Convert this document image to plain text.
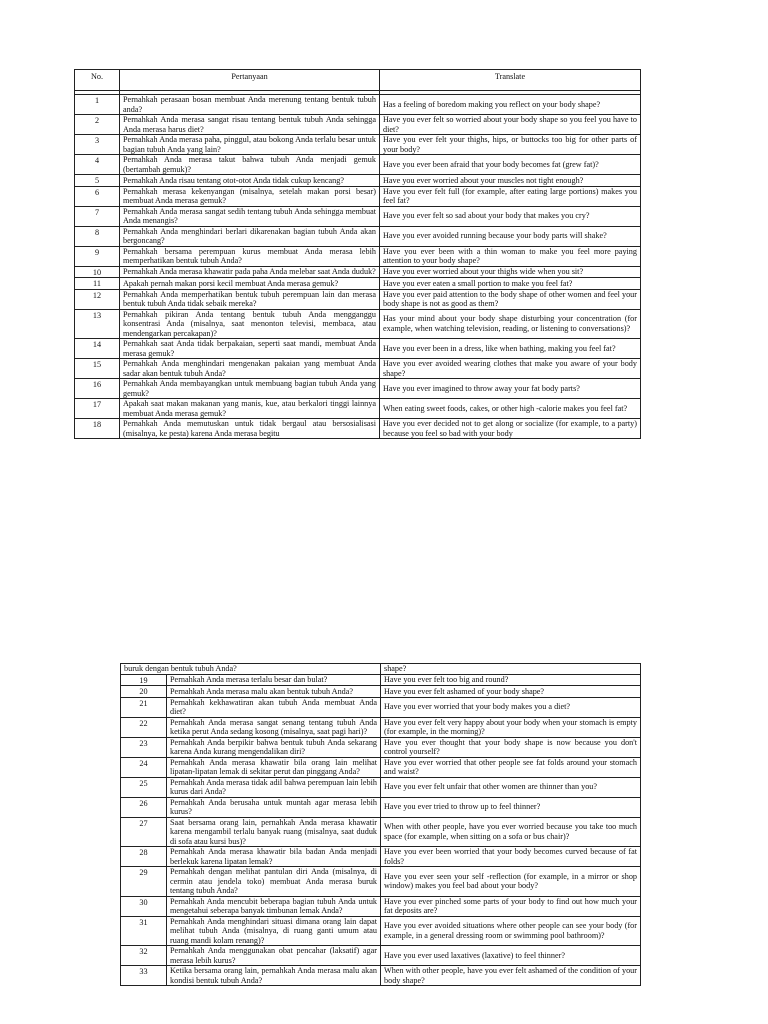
No.	Pertanyaan	Translate

1	Pernahkah perasaan bosan membuat Anda merenung tentang bentuk tubuh anda?	Has a feeling of boredom making you reflect on your body shape?
2	Pernahkah Anda merasa sangat risau tentang bentuk tubuh Anda sehingga Anda merasa harus diet?	Have you ever felt so worried about your body shape so you feel you have to diet?
3	Pernahkah Anda merasa paha, pinggul, atau bokong Anda terlalu besar untuk bagian tubuh Anda yang lain?	Have you ever felt your thighs, hips, or buttocks too big for other parts of your body?
4	Pernahkah Anda merasa takut bahwa tubuh Anda menjadi gemuk (bertambah gemuk)?	Have you ever been afraid that your body becomes fat (grew fat)?
5	Pernahkah Anda risau tentang otot-otot Anda tidak cukup kencang?	Have you ever worried about your muscles not tight enough?
6	Pernahkah merasa kekenyangan (misalnya, setelah makan porsi besar) membuat Anda merasa gemuk?	Have you ever felt full (for example, after eating large portions) makes you feel fat?
7	Pernahkah Anda merasa sangat sedih tentang tubuh Anda sehingga membuat Anda menangis?	Have you ever felt so sad about your body that makes you cry?
8	Pernahkah Anda menghindari berlari dikarenakan bagian tubuh Anda akan bergoncang?	Have you ever avoided running because your body parts will shake?
9	Pernahkah bersama perempuan kurus membuat Anda merasa lebih memperhatikan bentuk tubuh Anda?	Have you ever been with a thin woman to make you feel more paying attention to your body shape?
10	Pernahkah Anda merasa khawatir pada paha Anda melebar saat Anda duduk?	Have you ever worried about your thighs wide when you sit?
11	Apakah pernah makan porsi kecil membuat Anda merasa gemuk?	Have you ever eaten a small portion to make you feel fat?
12	Pernahkah Anda memperhatikan bentuk tubuh perempuan lain dan merasa bentuk tubuh Anda tidak sebaik mereka?	Have you ever paid attention to the body shape of other women and feel your body shape is not as good as them?
13	Pernahkah pikiran Anda tentang bentuk tubuh Anda mengganggu konsentrasi Anda (misalnya, saat menonton televisi, membaca, atau mendengarkan percakapan)?	Has your mind about your body shape disturbing your concentration (for example, when watching television, reading, or listening to conversations)?
14	Pernahkah saat Anda tidak berpakaian, seperti saat mandi, membuat Anda merasa gemuk?	Have you ever been in a dress, like when bathing, making you feel fat?
15	Pernahkah Anda menghindari mengenakan pakaian yang membuat Anda sadar akan bentuk tubuh Anda?	Have you ever avoided wearing clothes that make you aware of your body shape?
16	Pernahkah Anda membayangkan untuk membuang bagian tubuh Anda yang gemuk?	Have you ever imagined to throw away your fat body parts?
17	Apakah saat makan makanan yang manis, kue, atau berkalori tinggi lainnya membuat Anda merasa gemuk?	When eating sweet foods, cakes, or other high -calorie makes you feel fat?
18	Pernahkah Anda memutuskan untuk tidak bergaul atau bersosialisasi (misalnya, ke pesta) karena Anda merasa begitu	Have you ever decided not to get along or socialize (for example, to a party) because you feel so bad with your body
buruk dengan bentuk tubuh Anda?		shape?
19	Pernahkah Anda merasa terlalu besar dan bulat?	Have you ever felt too big and round?
20	Pernahkah Anda merasa malu akan bentuk tubuh Anda?	Have you ever felt ashamed of your body shape?
21	Pernahkah kekhawatiran akan tubuh Anda membuat Anda diet?	Have you ever worried that your body makes you a diet?
22	Pernahkah Anda merasa sangat senang tentang tubuh Anda ketika perut Anda sedang kosong (misalnya, saat pagi hari)?	Have you ever felt very happy about your body when your stomach is empty (for example, in the morning)?
23	Pernahkah Anda berpikir bahwa bentuk tubuh Anda sekarang karena Anda kurang mengendalikan diri?	Have you ever thought that your body shape is now because you don't control yourself?
24	Pernahkah Anda merasa khawatir bila orang lain melihat lipatan-lipatan lemak di sekitar perut dan pinggang Anda?	Have you ever worried that other people see fat folds around your stomach and waist?
25	Pernahkah Anda merasa tidak adil bahwa perempuan lain lebih kurus dari Anda?	Have you ever felt unfair that other women are thinner than you?
26	Pernahkah Anda berusaha untuk muntah agar merasa lebih kurus?	Have you ever tried to throw up to feel thinner?
27	Saat bersama orang lain, pernahkah Anda merasa khawatir karena mengambil terlalu banyak ruang (misalnya, saat duduk di sofa atau kursi bus)?	When with other people, have you ever worried because you take too much space (for example, when sitting on a sofa or bus chair)?
28	Pernahkah Anda merasa khawatir bila badan Anda menjadi berlekuk karena lipatan lemak?	Have you ever been worried that your body becomes curved because of fat folds?
29	Pernahkah dengan melihat pantulan diri Anda (misalnya, di cermin atau jendela toko) membuat Anda merasa buruk tentang tubuh Anda?	Have you ever seen your self -reflection (for example, in a mirror or shop window) makes you feel bad about your body?
30	Pernahkah Anda mencubit beberapa bagian tubuh Anda untuk mengetahui seberapa banyak timbunan lemak Anda?	Have you ever pinched some parts of your body to find out how much your fat deposits are?
31	Pernahkah Anda menghindari situasi dimana orang lain dapat melihat tubuh Anda (misalnya, di ruang ganti umum atau ruang mandi kolam renang)?	Have you ever avoided situations where other people can see your body (for example, in a general dressing room or swimming pool bathroom)?
32	Pernahkah Anda menggunakan obat pencahar (laksatif) agar merasa lebih kurus?	Have you ever used laxatives (laxative) to feel thinner?
33	Ketika bersama orang lain, pernahkah Anda merasa malu akan kondisi bentuk tubuh Anda?	When with other people, have you ever felt ashamed of the condition of your body shape?
